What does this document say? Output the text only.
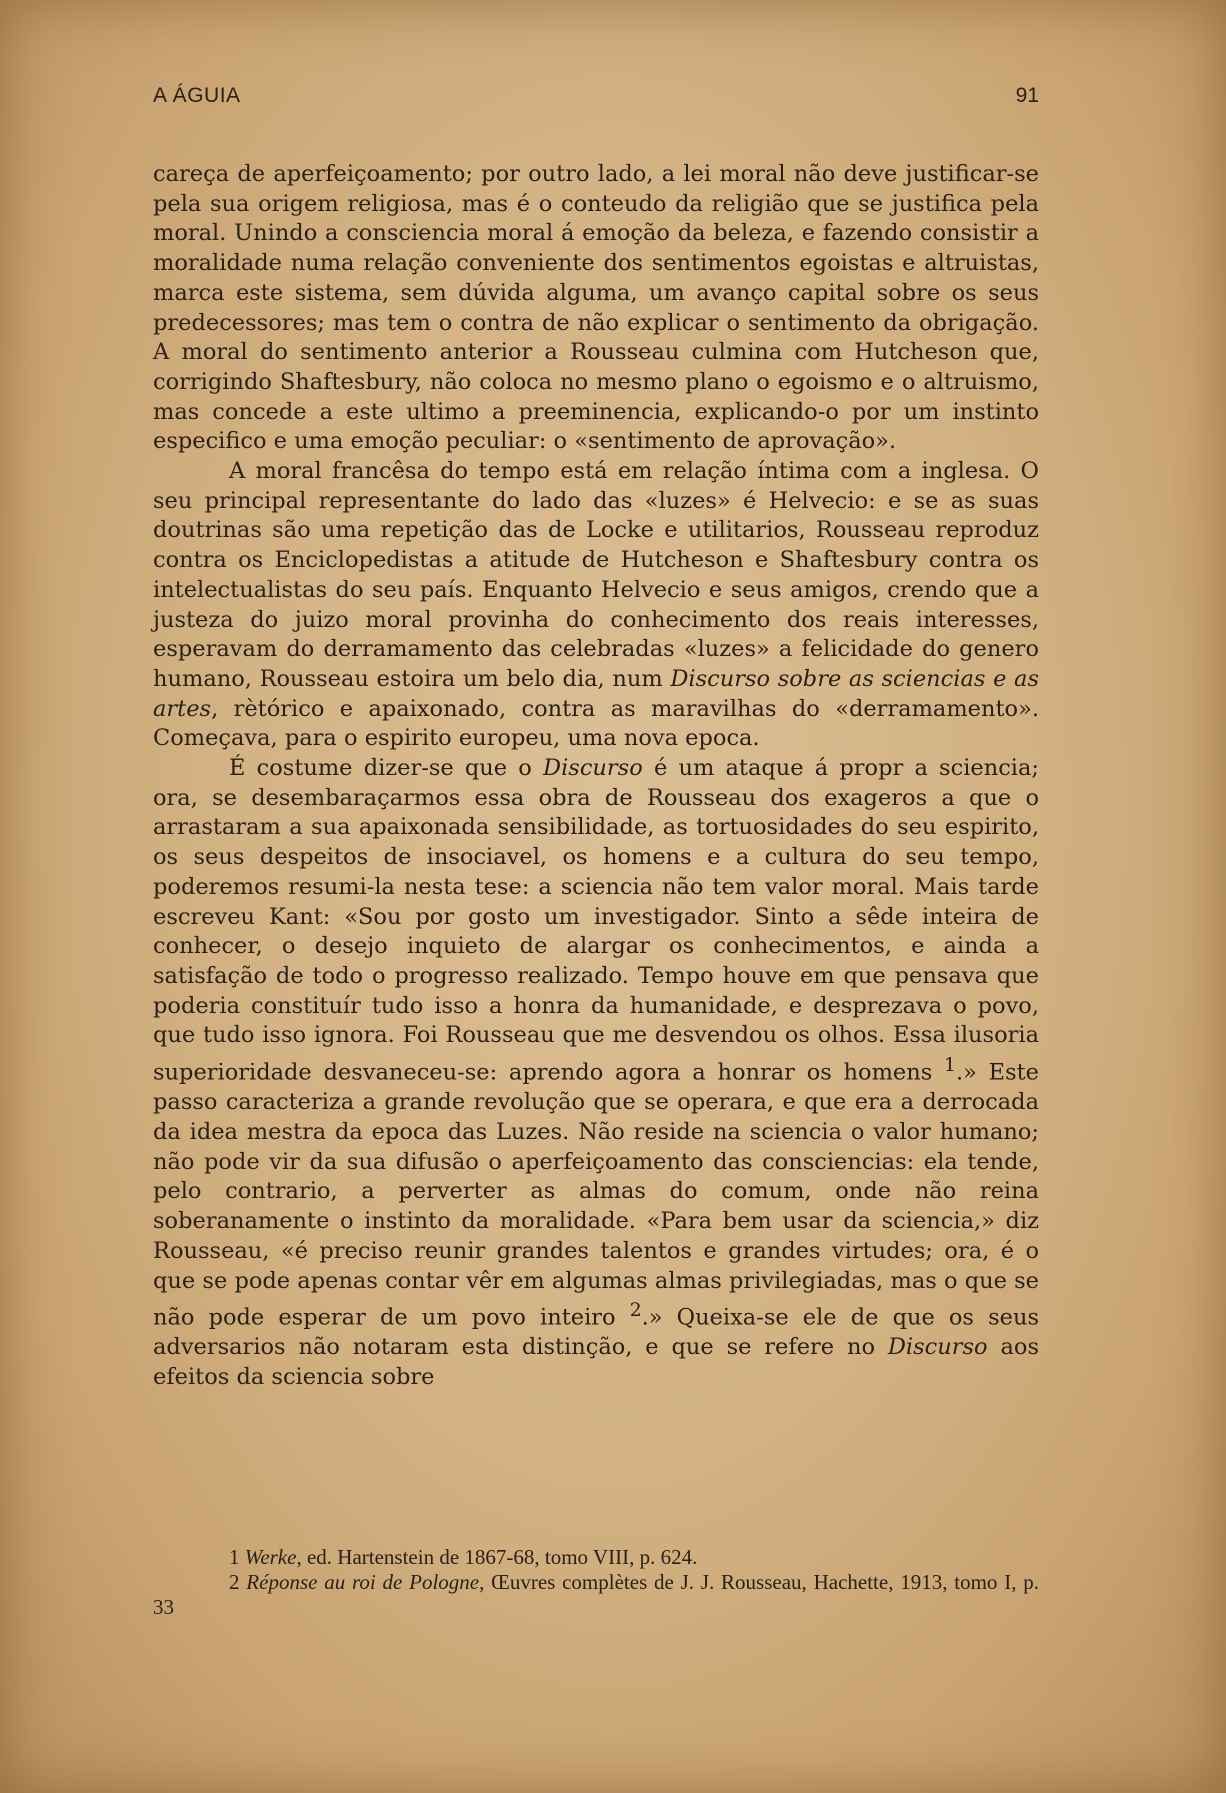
A ÁGUIA	91

careça de aperfeiçoamento; por outro lado, a lei moral não deve justificar-se pela sua origem religiosa, mas é o conteudo da religião que se justifica pela moral. Unindo a consciencia moral á emoção da beleza, e fazendo consistir a moralidade numa relação conveniente dos sentimentos egoistas e altruistas, marca este sistema, sem dúvida alguma, um avanço capital sobre os seus predecessores; mas tem o contra de não explicar o sentimento da obrigação. A moral do sentimento anterior a Rousseau culmina com Hutcheson que, corrigindo Shaftesbury, não coloca no mesmo plano o egoismo e o altruismo, mas concede a este ultimo a preeminencia, explicando-o por um instinto especifico e uma emoção peculiar: o «sentimento de aprovação».

A moral francêsa do tempo está em relação íntima com a inglesa. O seu principal representante do lado das «luzes» é Helvecio: e se as suas doutrinas são uma repetição das de Locke e utilitarios, Rousseau reproduz contra os Enciclopedistas a atitude de Hutcheson e Shaftesbury contra os intelectualistas do seu país. Enquanto Helvecio e seus amigos, crendo que a justeza do juizo moral provinha do conhecimento dos reais interesses, esperavam do derramamento das celebradas «luzes» a felicidade do genero humano, Rousseau estoira um belo dia, num Discurso sobre as sciencias e as artes, rètórico e apaixonado, contra as maravilhas do «derramamento». Começava, para o espirito europeu, uma nova epoca.

É costume dizer-se que o Discurso é um ataque á propr a sciencia; ora, se desembaraçarmos essa obra de Rousseau dos exageros a que o arrastaram a sua apaixonada sensibilidade, as tortuosidades do seu espirito, os seus despeitos de insociavel, os homens e a cultura do seu tempo, poderemos resumi-la nesta tese: a sciencia não tem valor moral. Mais tarde escreveu Kant: «Sou por gosto um investigador. Sinto a sêde inteira de conhecer, o desejo inquieto de alargar os conhecimentos, e ainda a satisfação de todo o progresso realizado. Tempo houve em que pensava que poderia constituír tudo isso a honra da humanidade, e desprezava o povo, que tudo isso ignora. Foi Rousseau que me desvendou os olhos. Essa ilusoria superioridade desvaneceu-se: aprendo agora a honrar os homens $^1$.» Este passo caracteriza a grande revolução que se operara, e que era a derrocada da idea mestra da epoca das Luzes. Não reside na sciencia o valor humano; não pode vir da sua difusão o aperfeiçoamento das consciencias: ela tende, pelo contrario, a perverter as almas do comum, onde não reina soberanamente o instinto da moralidade. «Para bem usar da sciencia,» diz Rousseau, «é preciso reunir grandes talentos e grandes virtudes; ora, é o que se pode apenas contar vêr em algumas almas privilegiadas, mas o que se não pode esperar de um povo inteiro $^2$.» Queixa-se ele de que os seus adversarios não notaram esta distinção, e que se refere no Discurso aos efeitos da sciencia sobre

1 Werke, ed. Hartenstein de 1867-68, tomo VIII, p. 624.

2 Réponse au roi de Pologne, Œuvres complètes de J. J. Rousseau, Hachette, 1913, tomo I, p. 33
